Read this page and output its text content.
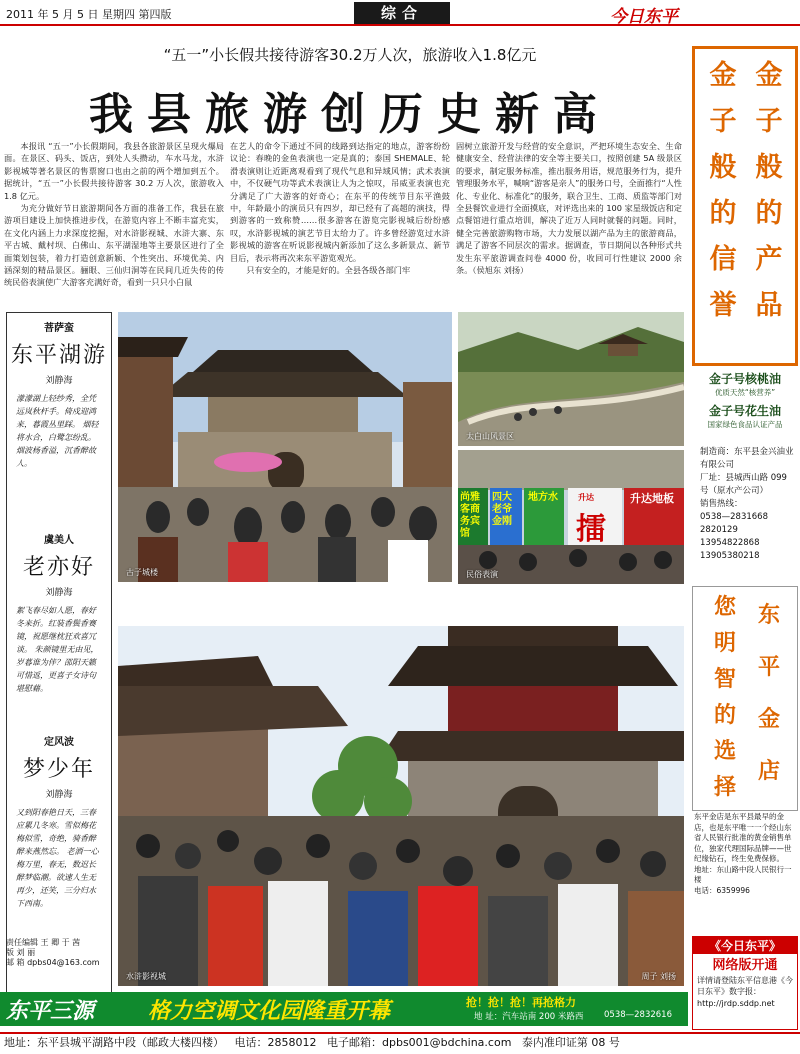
2011 年 5 月 5 日 星期四 第四版	综合	今日东平
“五一”小长假共接待游客30.2万人次，旅游收入1.8亿元
我县旅游创历史新高

本报讯 “五一”小长假期间，我县各旅游景区呈现火爆局面。在景区、码头、饭店，到处人头攒动，车水马龙，水浒影视城等著名景区的售票窗口也由之前的两个增加到五个。据统计，“五一”小长假共接待游客 30.2 万人次，旅游收入 1.8 亿元。

为充分做好节日旅游期间各方面的准备工作，我县在旅游项目建设上加快推进步伐，在游览内容上不断丰富充实，在文化内涵上力求深度挖掘，对水浒影视城、水浒大寨、东平古城、戴村坝、白佛山、东平湖湿地等主要景区进行了全面策划包装，着力打造创意新颖、个性突出、环境优美、内涵深刻的精品景区。骊眼、三仙归洞等在民间几近失传的传统民俗表演使广大游客充满好奇，看到一只只小白鼠

在艺人的命令下通过不同的线路到达指定的地点，游客纷纷议论：春晚的金鱼表演也一定是真的；泰国 SHEMALE、轮滑表演则让近距离观看到了现代气息和异域风情；武术表演中，不仅硬气功等武术表演让人为之惊叹，吊威亚表演也充分满足了广大游客的好奇心；在东平的传统节目东平渔鼓中，年龄最小的演员只有四岁，却已经有了高超的演技，得到游客的一致称赞……很多游客在游览完影视城后纷纷感叹，水浒影视城的演艺节目太给力了。许多曾经游览过水浒影视城的游客在听说影视城内新添加了这么多新景点、新节目后，表示将再次来东平游览观光。

只有安全的，才能是好的。全县各级各部门牢

固树立旅游开发与经营的安全意识，严把环境生态安全、生命健康安全、经营法律的安全等主要关口，按照创建 5A 级景区的要求，制定服务标准，推出服务用语，规范服务行为，提升管理服务水平，喊响“游客是亲人”的服务口号，全面推行“人性化、专业化、标准化”的服务，联合卫生、工商、质监等部门对全县餐饮业进行全面摸底，对评选出来的 100 家星级饭店和定点餐馆进行重点培训，解决了近万人同时就餐的问题。同时，健全完善旅游购物市场，大力发展以湖产品为主的旅游商品，满足了游客不同层次的需求。据调查，节日期间以各种形式共发生东平旅游调查问卷 4000 份，收回可行性建议 2000 余条。（侯旭东 刘扬）

菩萨蛮
东平湖游
刘静海
濛濛湖上轻纱秀，全凭远岚秋杆手。倚戍迎鸿来，暮霞丛里踩。 烟轻将水合，白鹭怎纷乱。烟波杨香溢，沉香醉故人。
虞美人
老亦好
刘静海
絮飞春尽如人愿，春好冬来折。红装香鬓香赛镜，祝愿继枕狂欢喜冗谈。 朱颜镜里无由见，岁暮谁为伴？邵阳天籁可惜返，更喜子女诗句堪慰藉。
定风波
梦少年
刘静海
又到阳春艳日天，三春应累几冬寒。雪似梅花梅似雪，奇绝，骑香醉醉来燕然忘。 老酒一心梅万里，春无，数迟长醉梦临潮。欲速人生无再少，还笑，三分归水下西南。
责任编辑 王 卿 于 茜
版 刘 丽
邮 箱 dpbs04@163.com
古子城楼
太白山风景区
尚雅客商务宾馆
四大老爷金刚
地方水	升达地板
升达
擂
民俗表演
水浒影视城	周子 刘扬
金
子
般
的
信
誉
金
子
般
的
产
品
金子号核桃油
优质天然“核营养”
金子号花生油
国家绿色食品认证产品
制造商：东平县金兴油业有限公司
厂址：县城西山路 099 号（原水产公司）
销售热线：
0538—2831668
2820129
13954822868
13905380218
您
明
智
的
选
择
东
平
金
店
东平金店是东平县最早的金店，也是东平唯一一个经山东省人民银行批准的黄金销售单位，独家代理国际品牌——世纪缘钻石，终生免费保修。
地址：东山路中段人民银行一楼
电话：6359996
《今日东平》
网络版开通
详情请登陆东平信息港《今日东平》数字报：
http://jrdp.sddp.net
东平三源 格力空调文化园隆重开幕	抢！抢！抢！再抢格力
地 址：汽车站南 200 米路西 0538—2832616
地址：东平县城平湖路中段（邮政大楼四楼） 电话：2858012 电子邮箱：dpbs001@bdchina.com 泰内准印证第 08 号
